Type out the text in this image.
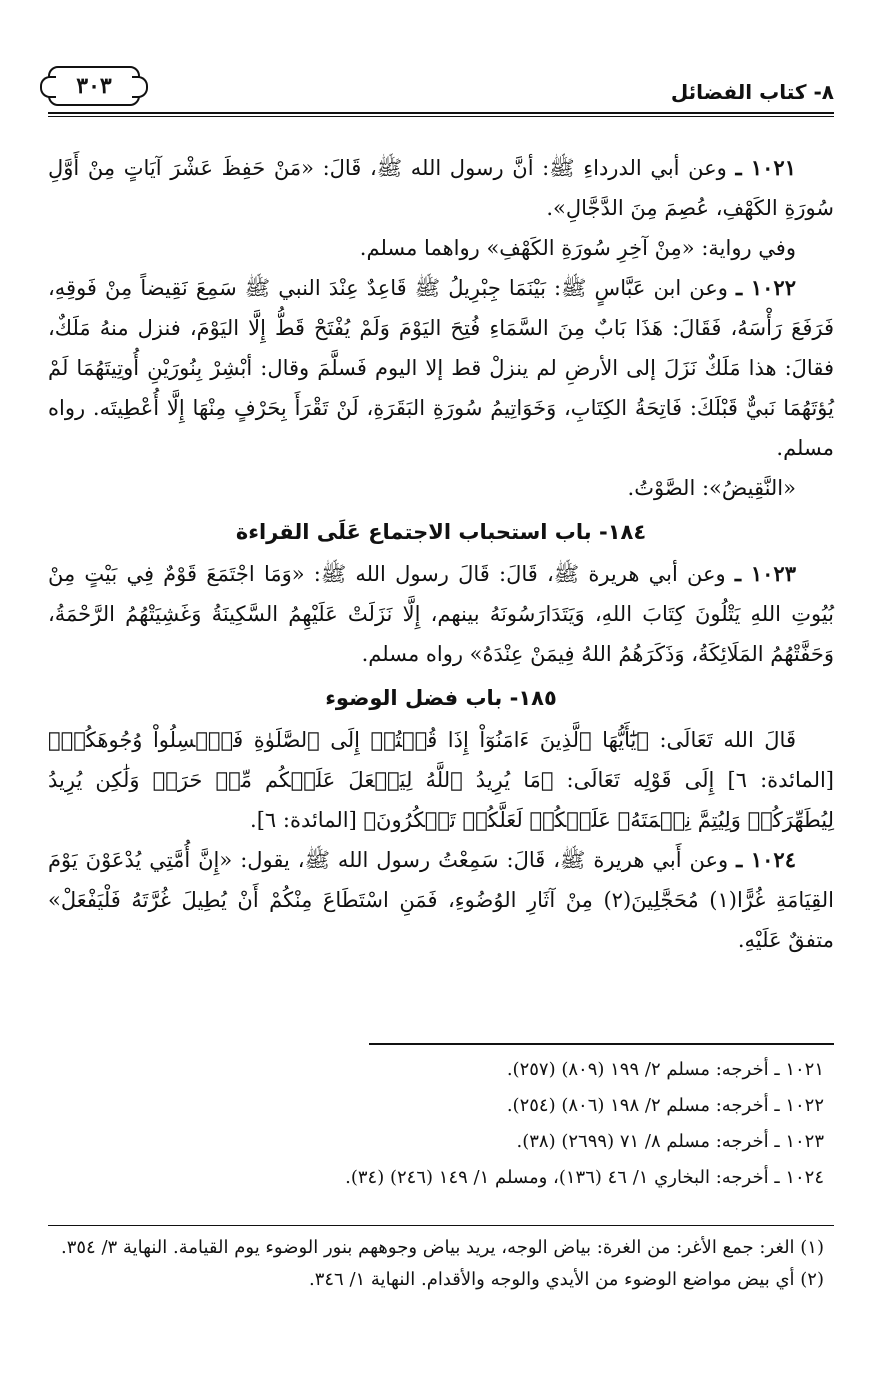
٨- كتاب الفضائل
٣٠٣

١٠٢١ ـ وعن أبي الدرداءِ ﷺ: أنَّ رسول الله ﷺ، قَالَ: «مَنْ حَفِظَ عَشْرَ آيَاتٍ مِنْ أَوَّلِ سُورَةِ الكَهْفِ، عُصِمَ مِنَ الدَّجَّالِ».

وفي رواية: «مِنْ آخِرِ سُورَةِ الكَهْفِ» رواهما مسلم.

١٠٢٢ ـ وعن ابن عَبَّاسٍ ﷺ: بَيْنَمَا جِبْرِيلُ ﷺ قَاعِدٌ عِنْدَ النبي ﷺ سَمِعَ نَقِيضاً مِنْ فَوقِهِ، فَرَفَعَ رَأْسَهُ، فَقَالَ: هَذَا بَابٌ مِنَ السَّمَاءِ فُتِحَ اليَوْمَ وَلَمْ يُفْتَحْ قَطُّ إِلَّا اليَوْمَ، فنزل منهُ مَلَكٌ، فقالَ: هذا مَلَكٌ نَزَلَ إلى الأرضِ لم ينزلْ قط إلا اليوم فَسلَّمَ وقال: أبْشِرْ بِنُورَيْنِ أُوتِيتَهُمَا لَمْ يُؤتَهُمَا نَبيٌّ قَبْلَكَ: فَاتِحَةُ الكِتَابِ، وَخَوَاتِيمُ سُورَةِ البَقَرَةِ، لَنْ تَقْرَأَ بِحَرْفٍ مِنْهَا إِلَّا أُعْطِيتَه. رواه مسلم.

«النَّقِيضُ»: الصَّوْتُ.

١٨٤- باب استحباب الاجتماع عَلَى القراءة

١٠٢٣ ـ وعن أبي هريرة ﷺ، قَالَ: قَالَ رسول الله ﷺ: «وَمَا اجْتَمَعَ قَوْمٌ فِي بَيْتٍ مِنْ بُيُوتِ اللهِ يَتْلُونَ كِتَابَ اللهِ، وَيَتَدَارَسُونَهُ بينهم، إِلَّا نَزَلَتْ عَلَيْهِمُ السَّكِينَةُ وَغَشِيَتْهُمُ الرَّحْمَةُ، وَحَفَّتْهُمُ المَلَائِكَةُ، وَذَكَرَهُمُ اللهُ فِيمَنْ عِنْدَهُ» رواه مسلم.

١٨٥- باب فضل الوضوء

قَالَ الله تَعَالَى: ﴿يَٰٓأَيُّهَا ٱلَّذِينَ ءَامَنُوٓاْ إِذَا قُمۡتُمۡ إِلَى ٱلصَّلَوٰةِ فَٱغۡسِلُواْ وُجُوهَكُمۡ﴾ [المائدة: ٦] إِلَى قَوْلِه تَعَالَى: ﴿مَا يُرِيدُ ٱللَّهُ لِيَجۡعَلَ عَلَيۡكُم مِّنۡ حَرَجٖ وَلَٰكِن يُرِيدُ لِيُطَهِّرَكُمۡ وَلِيُتِمَّ نِعۡمَتَهُۥ عَلَيۡكُمۡ لَعَلَّكُمۡ تَشۡكُرُونَ﴾ [المائدة: ٦].

١٠٢٤ ـ وعن أَبي هريرة ﷺ، قَالَ: سَمِعْتُ رسول الله ﷺ، يقول: «إِنَّ أُمَّتِي يُدْعَوْنَ يَوْمَ القِيَامَةِ غُرًّا(١) مُحَجَّلِينَ(٢) مِنْ آثَارِ الوُضُوءِ، فَمَنِ اسْتَطَاعَ مِنْكُمْ أَنْ يُطِيلَ غُرَّتَهُ فَلْيَفْعَلْ» متفقٌ عَلَيْهِ.

١٠٢١ ـ أخرجه: مسلم ٢/ ١٩٩ (٨٠٩) (٢٥٧).
١٠٢٢ ـ أخرجه: مسلم ٢/ ١٩٨ (٨٠٦) (٢٥٤).
١٠٢٣ ـ أخرجه: مسلم ٨/ ٧١ (٢٦٩٩) (٣٨).
١٠٢٤ ـ أخرجه: البخاري ١/ ٤٦ (١٣٦)، ومسلم ١/ ١٤٩ (٢٤٦) (٣٤).
(١) الغر: جمع الأغر: من الغرة: بياض الوجه، يريد بياض وجوههم بنور الوضوء يوم القيامة. النهاية ٣/ ٣٥٤.
(٢) أي بيض مواضع الوضوء من الأيدي والوجه والأقدام. النهاية ١/ ٣٤٦.
